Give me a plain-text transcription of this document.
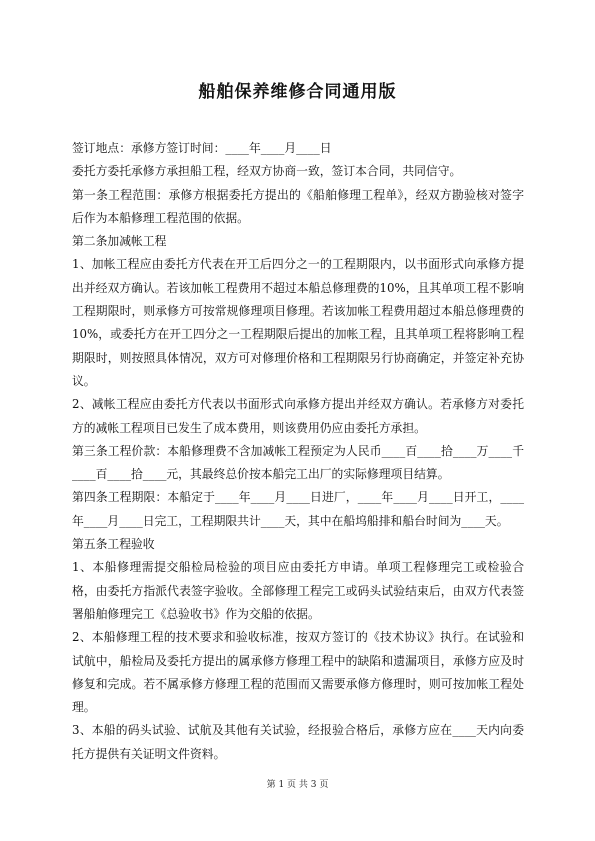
船舶保养维修合同通用版

签订地点：承修方签订时间：____年____月____日

委托方委托承修方承担船工程，经双方协商一致，签订本合同，共同信守。

第一条工程范围：承修方根据委托方提出的《船舶修理工程单》，经双方勘验核对签字后作为本船修理工程范围的依据。

第二条加减帐工程

1、加帐工程应由委托方代表在开工后四分之一的工程期限内，以书面形式向承修方提出并经双方确认。若该加帐工程费用不超过本船总修理费的10%，且其单项工程不影响工程期限时，则承修方可按常规修理项目修理。若该加帐工程费用超过本船总修理费的10%，或委托方在开工四分之一工程期限后提出的加帐工程，且其单项工程将影响工程期限时，则按照具体情况，双方可对修理价格和工程期限另行协商确定，并签定补充协议。

2、减帐工程应由委托方代表以书面形式向承修方提出并经双方确认。若承修方对委托方的减帐工程项目已发生了成本费用，则该费用仍应由委托方承担。

第三条工程价款：本船修理费不含加减帐工程预定为人民币____百____拾____万____千____百____拾____元，其最终总价按本船完工出厂的实际修理项目结算。

第四条工程期限：本船定于____年____月____日进厂，____年____月____日开工，____年____月____日完工，工程期限共计____天，其中在船坞船排和船台时间为____天。

第五条工程验收

1、本船修理需提交船检局检验的项目应由委托方申请。单项工程修理完工或检验合格，由委托方指派代表签字验收。全部修理工程完工或码头试验结束后，由双方代表签署船舶修理完工《总验收书》作为交船的依据。

2、本船修理工程的技术要求和验收标准，按双方签订的《技术协议》执行。在试验和试航中，船检局及委托方提出的属承修方修理工程中的缺陷和遗漏项目，承修方应及时修复和完成。若不属承修方修理工程的范围而又需要承修方修理时，则可按加帐工程处理。

3、本船的码头试验、试航及其他有关试验，经报验合格后，承修方应在____天内向委托方提供有关证明文件资料。

第 1 页 共 3 页
